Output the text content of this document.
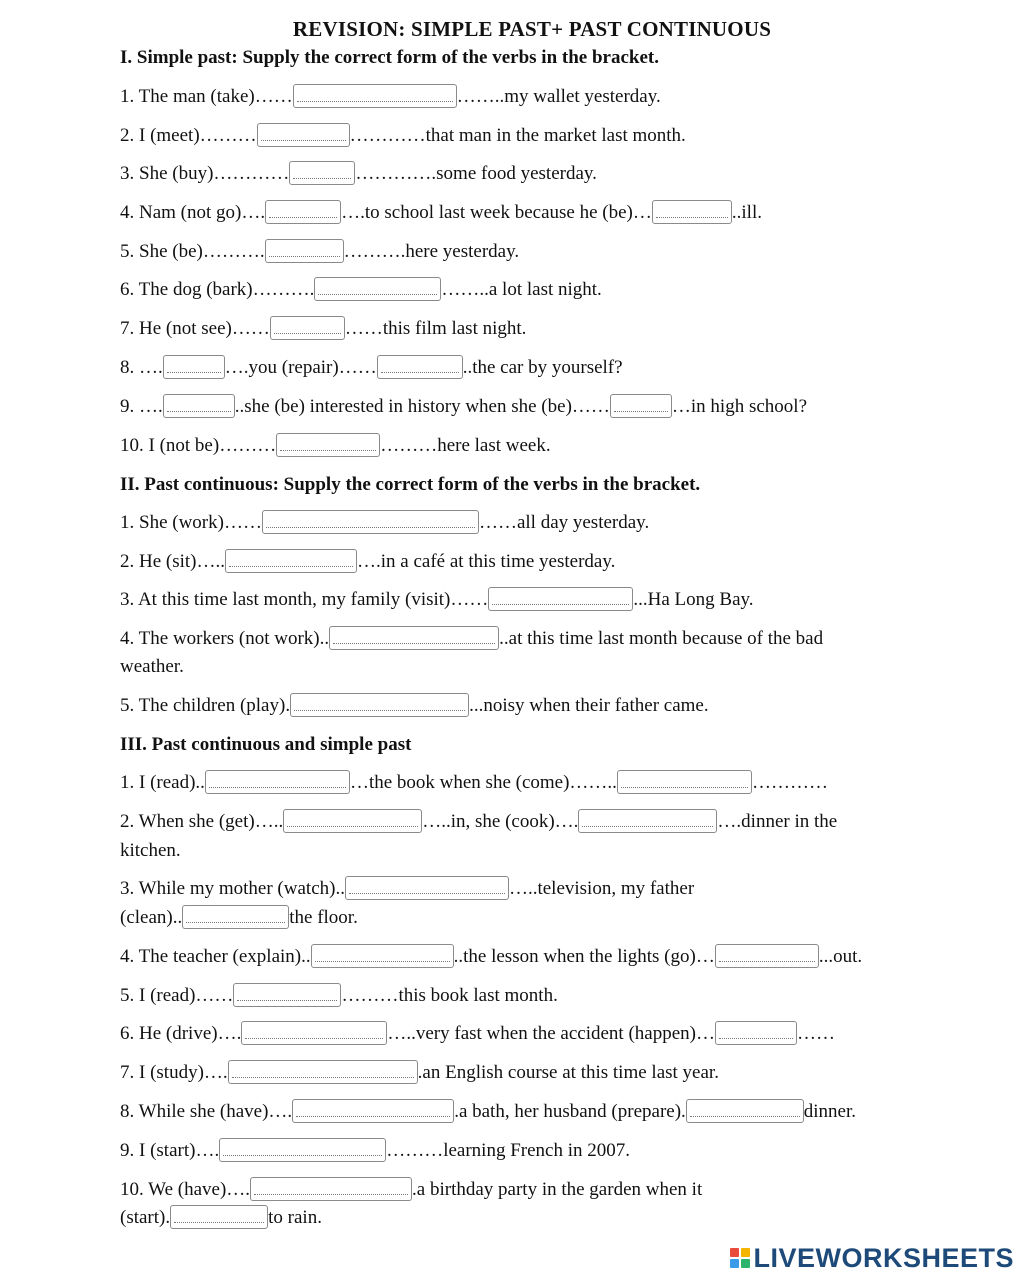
REVISION: SIMPLE PAST+ PAST CONTINUOUS
I. Simple past: Supply the correct form of the verbs in the bracket.
1. The man (take)……	……..my wallet yesterday.
2. I (meet)………	…………that man in the market last month.
3. She (buy)…………	………….some food yesterday.
4. Nam (not go)….	….to school last week because he (be)…	..ill.
5. She (be)……….	……….here yesterday.
6. The dog (bark)……….	……..a lot last night.
7. He (not see)……	……this film last night.
8. ….	….you (repair)……	..the car by yourself?
9. ….	..she (be) interested in history when she (be)……	…in high school?
10. I (not be)………	………here last week.
II. Past continuous: Supply the correct form of the verbs in the bracket.
1. She (work)……	……all day yesterday.
2. He (sit)…..	….in a café at this time yesterday.
3. At this time last month, my family (visit)……	...Ha Long Bay.
4. The workers (not work)..	..at this time last month because of the bad
weather.
5. The children (play).	...noisy when their father came.
III. Past continuous and simple past
1. I (read)..	…the book when she (come)……..	…………
2. When she (get)…..	…..in, she (cook)….	….dinner in the
kitchen.
3. While my mother (watch)..	…..television, my father
(clean)..	the floor.
4. The teacher (explain)..	..the lesson when the lights (go)…	...out.
5. I (read)……	………this book last month.
6. He (drive)….	…..very fast when the accident (happen)…	……
7. I (study)….	.an English course at this time last year.
8. While she (have)….	.a bath, her husband (prepare).	dinner.
9. I (start)….	………learning French in 2007.
10. We (have)….	.a birthday party in the garden when it
(start).	to rain.
LIVEWORKSHEETS
